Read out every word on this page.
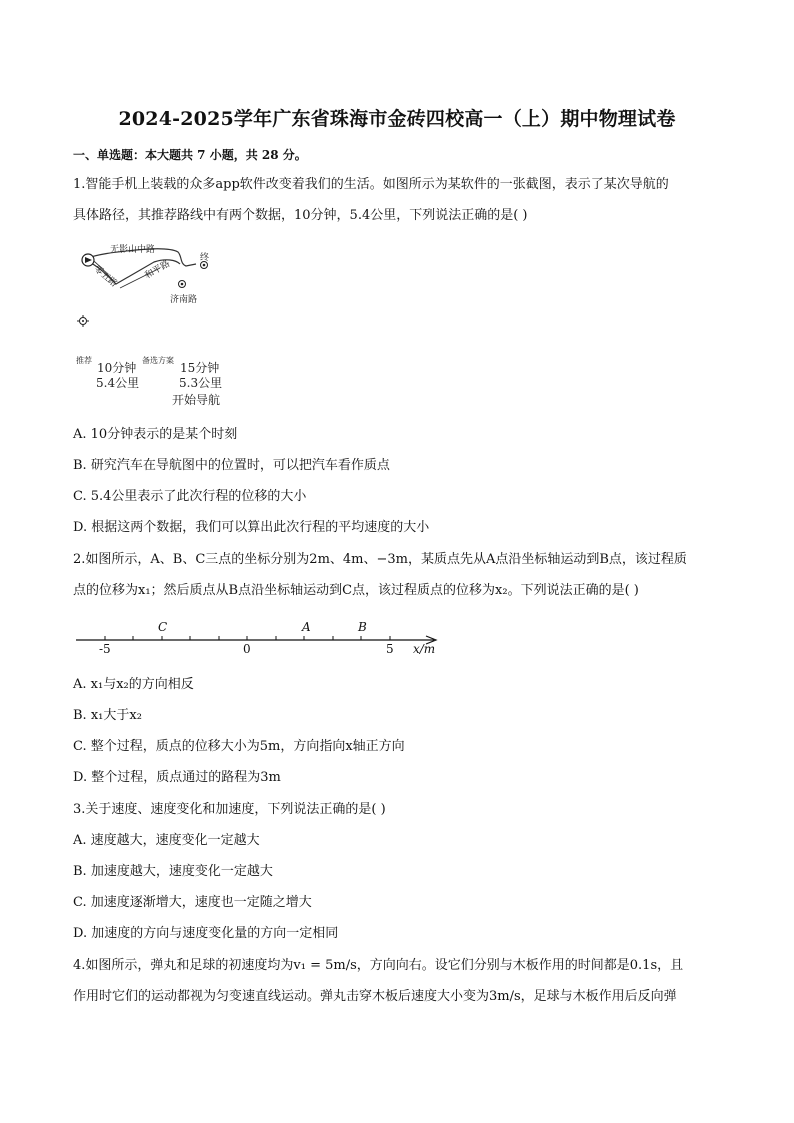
2024-2025学年广东省珠海市金砖四校高一（上）期中物理试卷
一、单选题：本大题共 7 小题，共 28 分。
1.智能手机上装载的众多app软件改变着我们的生活。如图所示为某软件的一张截图，表示了某次导航的
具体路径，其推荐路线中有两个数据，10分钟，5.4公里，下列说法正确的是( )
无影山中路
零五路	和平路
终
济南路
推荐
10分钟
备选方案
15分钟
5.4公里	5.3公里
开始导航
A. 10分钟表示的是某个时刻
B. 研究汽车在导航图中的位置时，可以把汽车看作质点
C. 5.4公里表示了此次行程的位移的大小
D. 根据这两个数据，我们可以算出此次行程的平均速度的大小
2.如图所示，A、B、C三点的坐标分别为2m、4m、−3m，某质点先从A点沿坐标轴运动到B点，该过程质
点的位移为x₁；然后质点从B点沿坐标轴运动到C点，该过程质点的位移为x₂。下列说法正确的是( )
C	A	B
-5	0	5 x/m
A. x₁与x₂的方向相反
B. x₁大于x₂
C. 整个过程，质点的位移大小为5m，方向指向x轴正方向
D. 整个过程，质点通过的路程为3m
3.关于速度、速度变化和加速度，下列说法正确的是( )
A. 速度越大，速度变化一定越大
B. 加速度越大，速度变化一定越大
C. 加速度逐渐增大，速度也一定随之增大
D. 加速度的方向与速度变化量的方向一定相同
4.如图所示，弹丸和足球的初速度均为v₁ = 5m/s，方向向右。设它们分别与木板作用的时间都是0.1s，且
作用时它们的运动都视为匀变速直线运动。弹丸击穿木板后速度大小变为3m/s，足球与木板作用后反向弹
